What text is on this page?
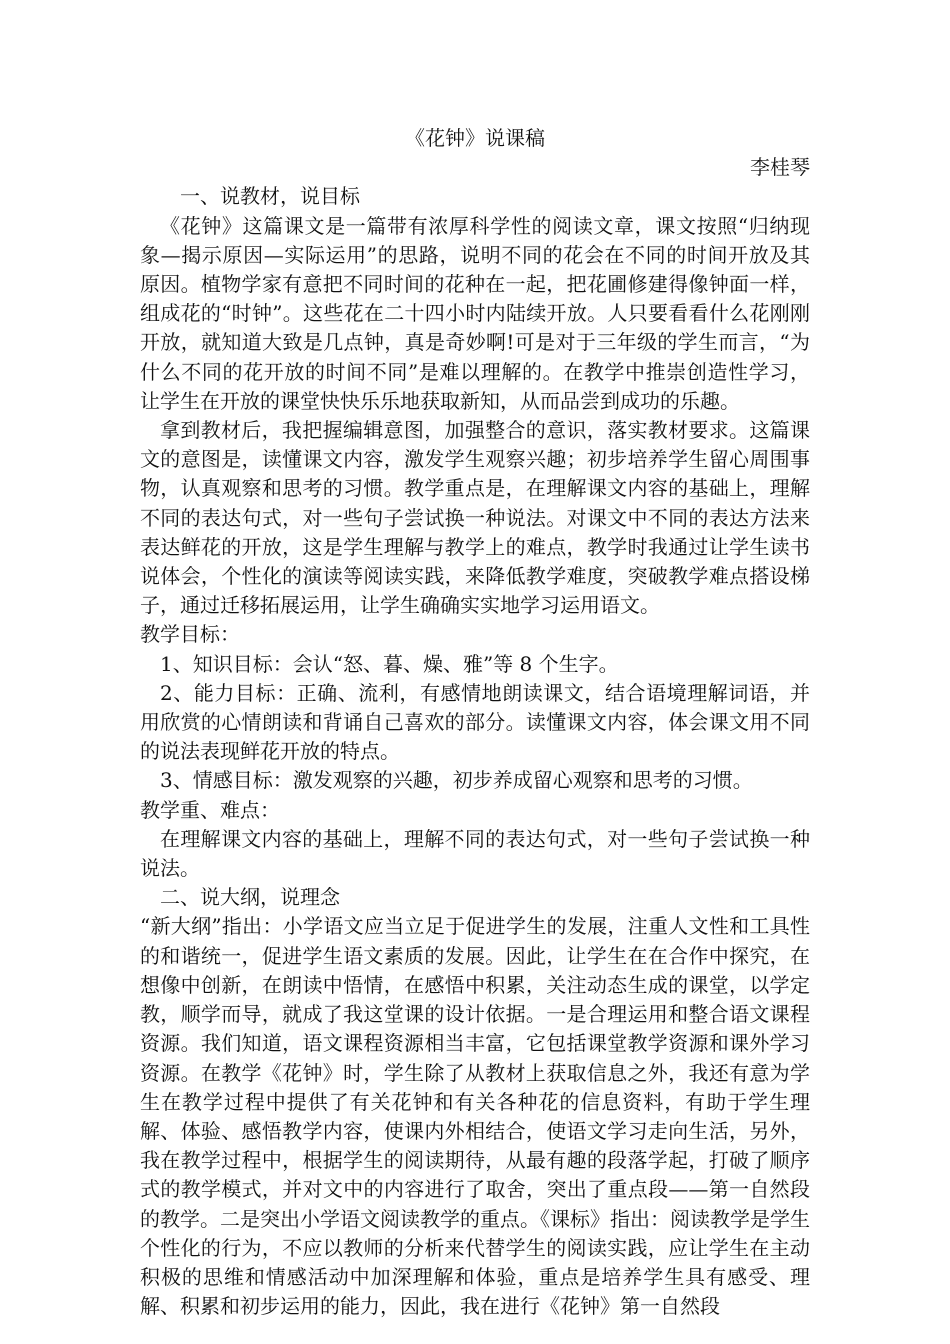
《花钟》说课稿

李桂琴

一、说教材，说目标

《花钟》这篇课文是一篇带有浓厚科学性的阅读文章，课文按照“归纳现象—揭示原因—实际运用”的思路，说明不同的花会在不同的时间开放及其原因。植物学家有意把不同时间的花种在一起，把花圃修建得像钟面一样，组成花的“时钟”。这些花在二十四小时内陆续开放。人只要看看什么花刚刚开放，就知道大致是几点钟，真是奇妙啊!可是对于三年级的学生而言，“为什么不同的花开放的时间不同”是难以理解的。在教学中推崇创造性学习，让学生在开放的课堂快快乐乐地获取新知，从而品尝到成功的乐趣。

拿到教材后，我把握编辑意图，加强整合的意识，落实教材要求。这篇课文的意图是，读懂课文内容，激发学生观察兴趣；初步培养学生留心周围事物，认真观察和思考的习惯。教学重点是，在理解课文内容的基础上，理解不同的表达句式，对一些句子尝试换一种说法。对课文中不同的表达方法来表达鲜花的开放，这是学生理解与教学上的难点，教学时我通过让学生读书说体会，个性化的演读等阅读实践，来降低教学难度，突破教学难点搭设梯子，通过迁移拓展运用，让学生确确实实地学习运用语文。

教学目标：

1、知识目标：会认“怒、暮、燥、雅”等 8 个生字。

2、能力目标：正确、流利，有感情地朗读课文，结合语境理解词语，并用欣赏的心情朗读和背诵自己喜欢的部分。读懂课文内容，体会课文用不同的说法表现鲜花开放的特点。

3、情感目标：激发观察的兴趣，初步养成留心观察和思考的习惯。

教学重、难点：

在理解课文内容的基础上，理解不同的表达句式，对一些句子尝试换一种说法。

二、说大纲，说理念

“新大纲”指出：小学语文应当立足于促进学生的发展，注重人文性和工具性的和谐统一，促进学生语文素质的发展。因此，让学生在在合作中探究，在想像中创新，在朗读中悟情，在感悟中积累，关注动态生成的课堂，以学定教，顺学而导，就成了我这堂课的设计依据。一是合理运用和整合语文课程资源。我们知道，语文课程资源相当丰富，它包括课堂教学资源和课外学习资源。在教学《花钟》时，学生除了从教材上获取信息之外，我还有意为学生在教学过程中提供了有关花钟和有关各种花的信息资料，有助于学生理解、体验、感悟教学内容，使课内外相结合，使语文学习走向生活，另外，我在教学过程中，根据学生的阅读期待，从最有趣的段落学起，打破了顺序式的教学模式，并对文中的内容进行了取舍，突出了重点段——第一自然段的教学。二是突出小学语文阅读教学的重点。《课标》指出：阅读教学是学生个性化的行为，不应以教师的分析来代替学生的阅读实践，应让学生在主动积极的思维和情感活动中加深理解和体验，重点是培养学生具有感受、理解、积累和初步运用的能力，因此，我在进行《花钟》第一自然段
